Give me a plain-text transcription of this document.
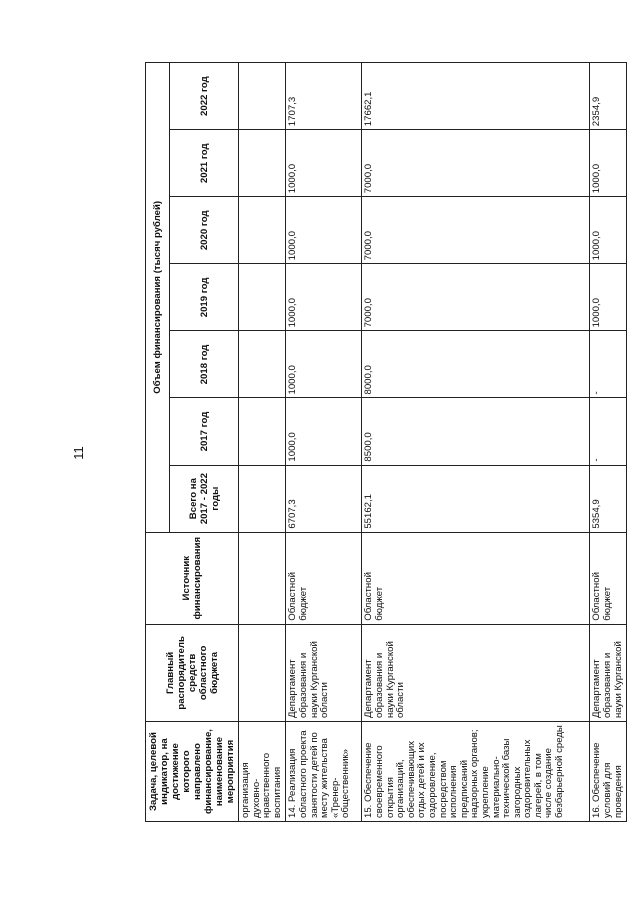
11
Задача, целевой индикатор, на достижение которого направлено финансирование, наименование мероприятия	Главный распорядитель средств областного бюджета	Источник финансирования	Объем финансирования (тысяч рублей)						
			Всего на 2017 - 2022 годы	2017 год	2018 год	2019 год	2020 год	2021 год	2022 год
организация духовно-нравственного воспитания									
14. Реализация областного проекта занятости детей по месту жительства «Тренер-общественник»	Департамент образования и науки Курганской области	Областной бюджет	6707,3	1000,0	1000,0	1000,0	1000,0	1000,0	1707,3
15. Обеспечение своевременного открытия организаций, обеспечивающих отдых детей и их оздоровление, посредством исполнения предписаний надзорных органов; укрепление материально-технической базы загородных оздоровительных лагерей, в том числе создание безбарьерной среды	Департамент образования и науки Курганской области	Областной бюджет	55162,1	8500,0	8000,0	7000,0	7000,0	7000,0	17662,1
16. Обеспечение условий для проведения	Департамент образования и науки Курганской	Областной бюджет	5354,9	-	-	1000,0	1000,0	1000,0	2354,9
